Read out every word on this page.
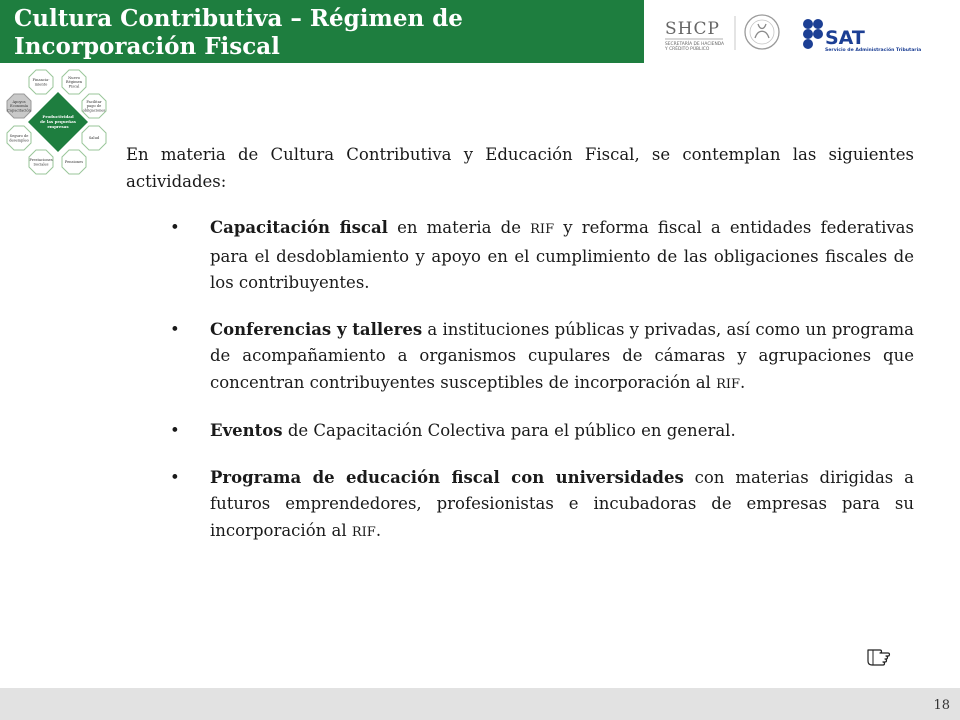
Cultura Contributiva – Régimen de
Incorporación Fiscal
SHCP
SECRETARÍA DE HACIENDA
Y CRÉDITO PÚBLICO
SAT
Servicio de Administración Tributaria
Financia-
miento
Nuevo
Régimen
Fiscal
Facilitar
pago de
obligaciones
Salud
Pensiones
Prestaciones
Sociales
Seguro de
desempleo
Apoyos
Economía
Capacitación
Productividad
de las pequeñas
empresas

En materia de Cultura Contributiva y Educación Fiscal, se contemplan las siguientes actividades:

• Capacitación fiscal en materia de RIF y reforma fiscal a entidades federativas para el desdoblamiento y apoyo en el cumplimiento de las obligaciones fiscales de los contribuyentes.
• Conferencias y talleres a instituciones públicas y privadas, así como un programa de acompañamiento a organismos cupulares de cámaras y agrupaciones que concentran contribuyentes susceptibles de incorporación al RIF.
• Eventos de Capacitación Colectiva para el público en general.
• Programa de educación fiscal con universidades con materias dirigidas a futuros emprendedores, profesionistas e incubadoras de empresas para su incorporación al RIF.
18
